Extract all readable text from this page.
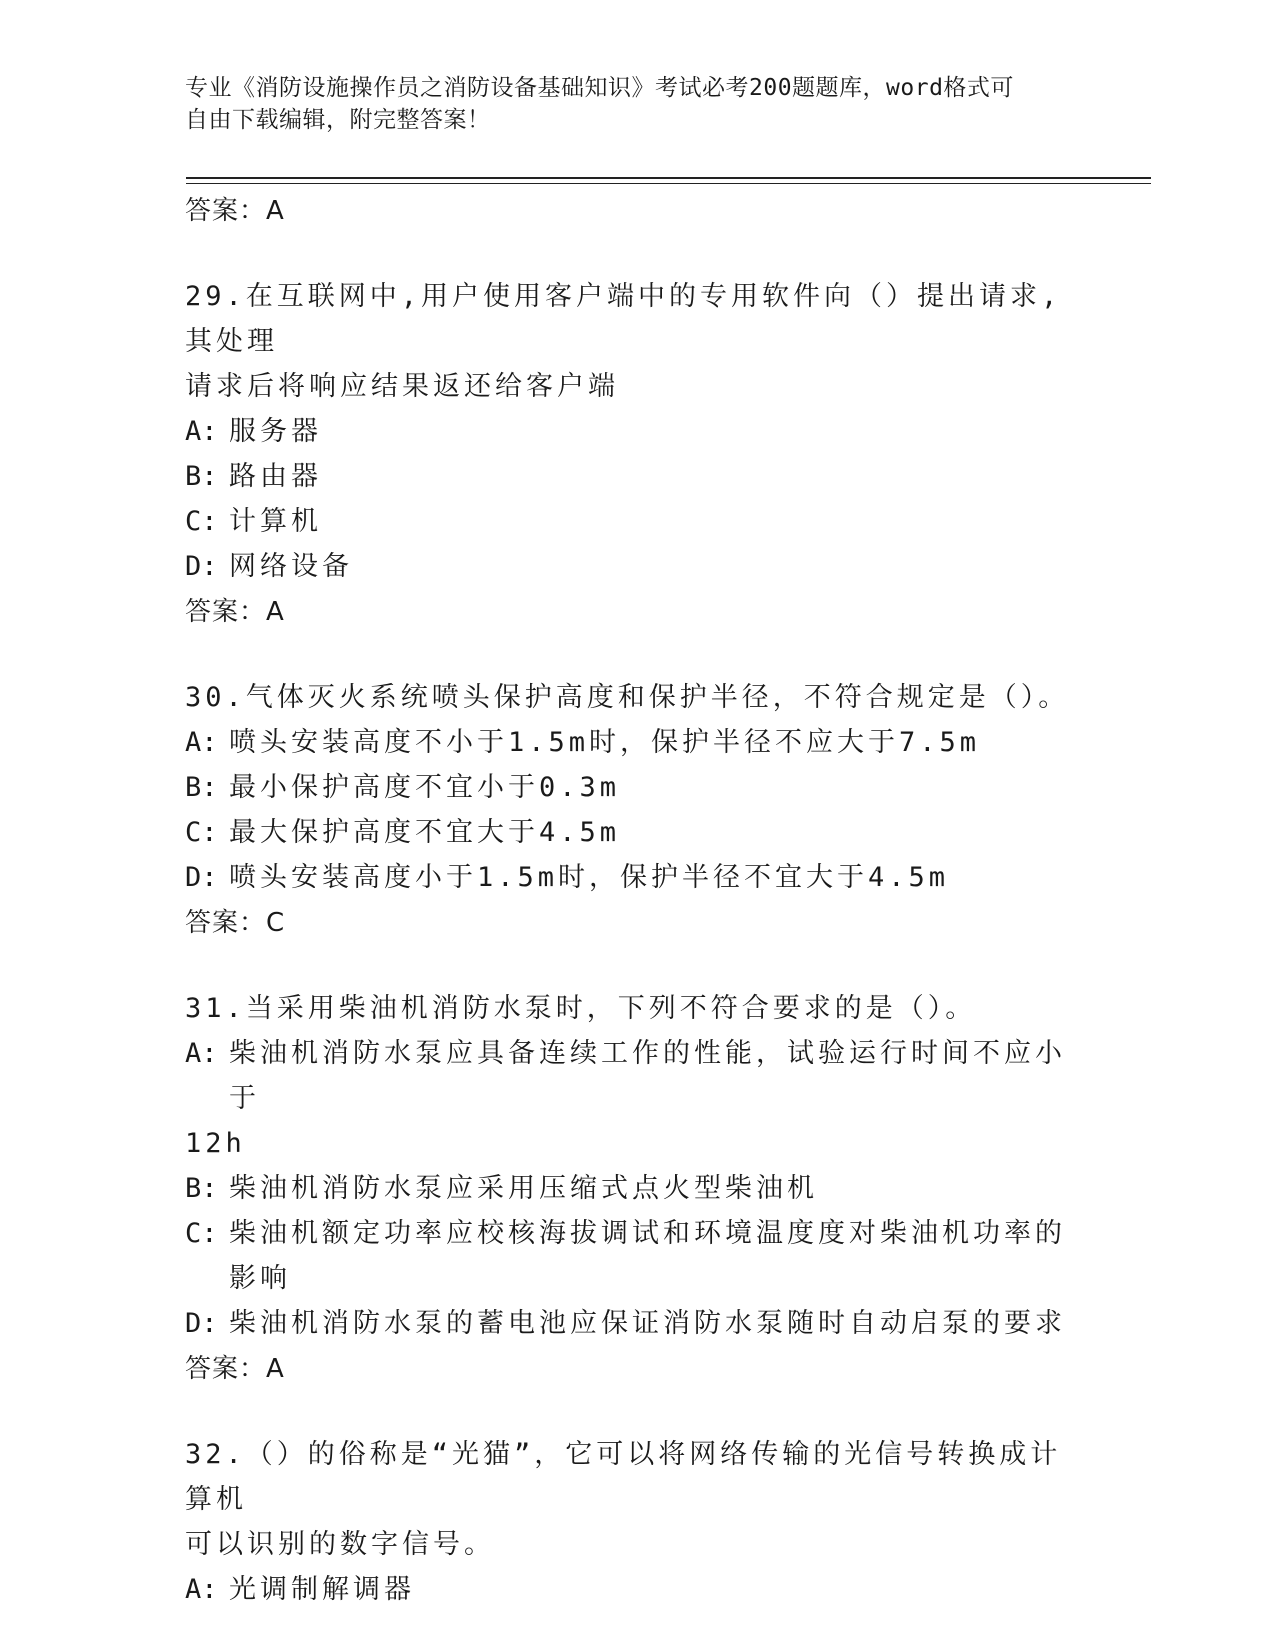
专业《消防设施操作员之消防设备基础知识》考试必考200题题库，word格式可
自由下载编辑，附完整答案！

答案：A

29.在互联网中,用户使用客户端中的专用软件向（）提出请求,其处理

请求后将响应结果返还给客户端

A: 服务器

B: 路由器

C: 计算机

D: 网络设备

答案：A

30.气体灭火系统喷头保护高度和保护半径，不符合规定是（）。

A: 喷头安装高度不小于1.5m时，保护半径不应大于7.5m

B: 最小保护高度不宜小于0.3m

C: 最大保护高度不宜大于4.5m

D: 喷头安装高度小于1.5m时，保护半径不宜大于4.5m

答案：C

31.当采用柴油机消防水泵时，下列不符合要求的是（）。

A: 柴油机消防水泵应具备连续工作的性能，试验运行时间不应小于

12h

B: 柴油机消防水泵应采用压缩式点火型柴油机

C: 柴油机额定功率应校核海拔调试和环境温度度对柴油机功率的影响

D: 柴油机消防水泵的蓄电池应保证消防水泵随时自动启泵的要求

答案：A

32.（）的俗称是“光猫”，它可以将网络传输的光信号转换成计算机

可以识别的数字信号。

A: 光调制解调器
